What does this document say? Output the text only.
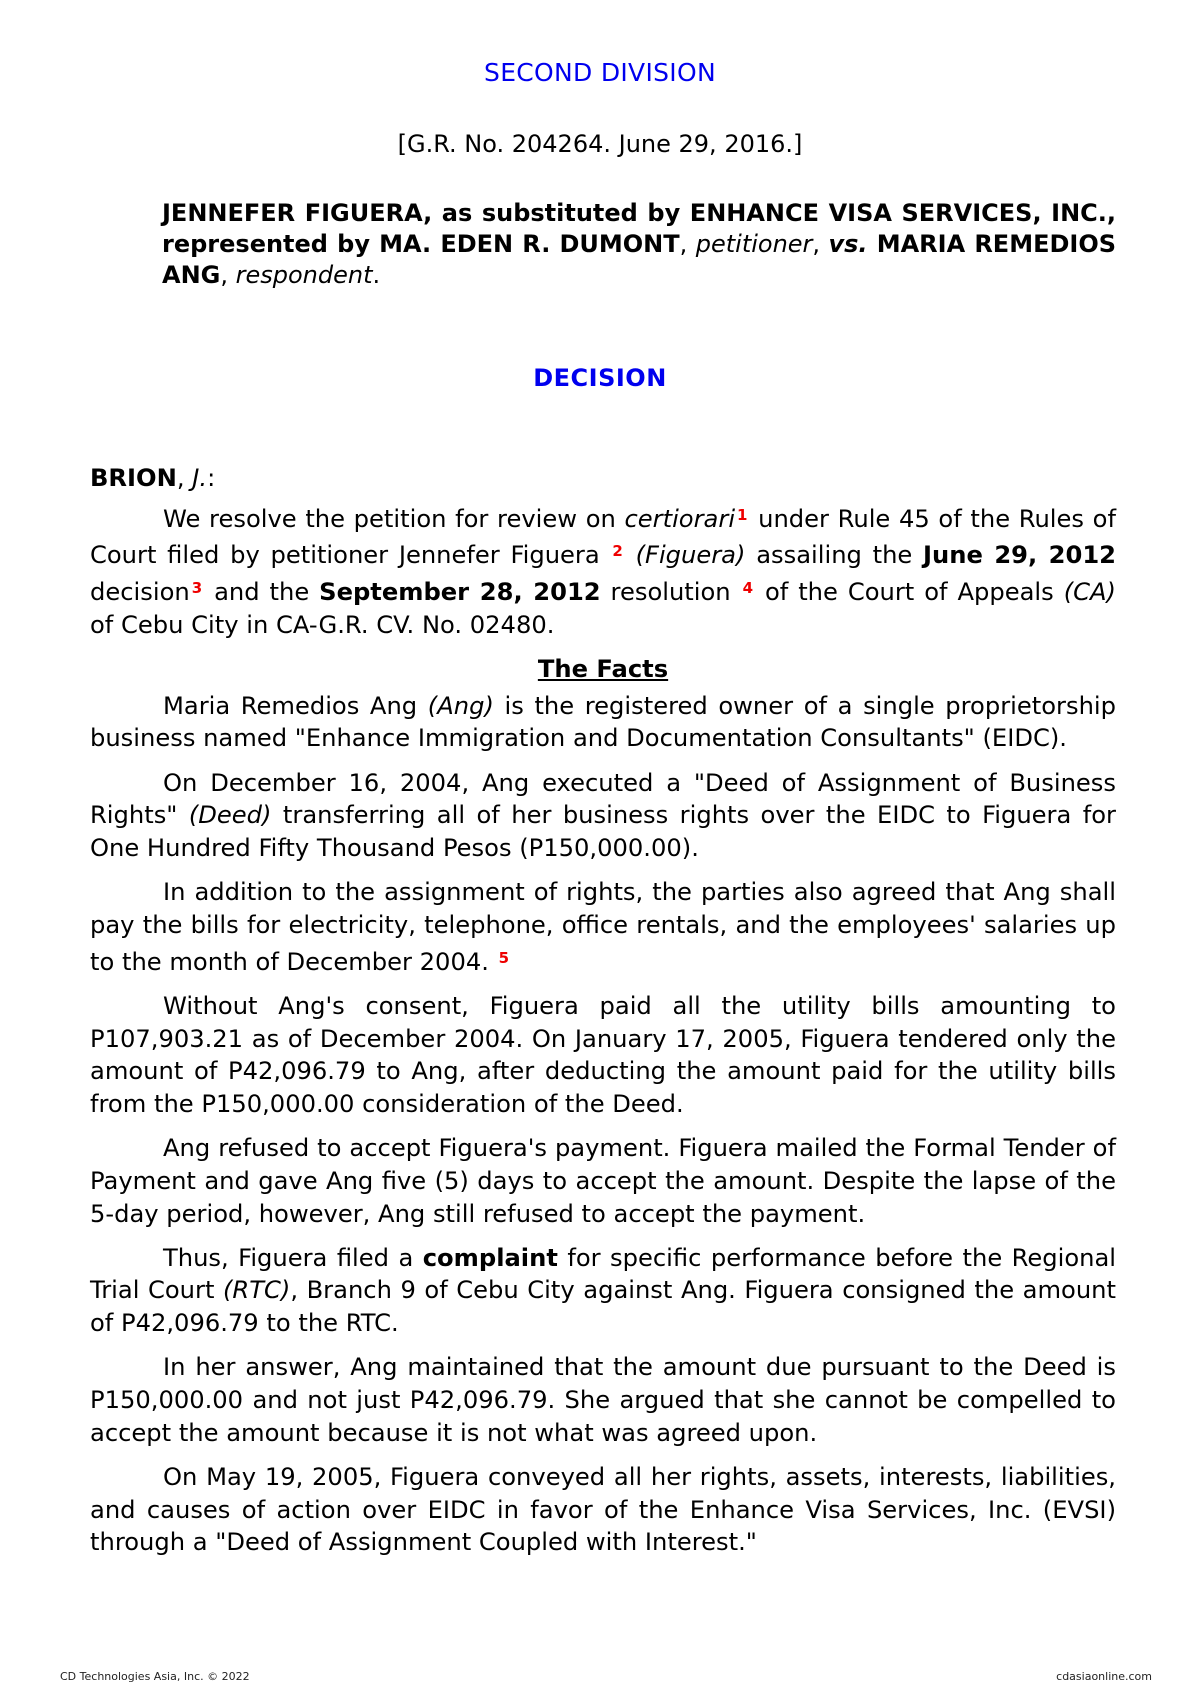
SECOND DIVISION
[G.R. No. 204264. June 29, 2016.]
JENNEFER FIGUERA, as substituted by ENHANCE VISA SERVICES, INC., represented by MA. EDEN R. DUMONT, petitioner, vs. MARIA REMEDIOS ANG, respondent.
DECISION

BRION, J.:

We resolve the petition for review on certiorari $^1$ under Rule 45 of the Rules of Court filed by petitioner Jennefer Figuera $^2$ (Figuera) assailing the June 29, 2012 decision $^3$ and the September 28, 2012 resolution $^4$ of the Court of Appeals (CA) of Cebu City in CA-G.R. CV. No. 02480.

The Facts

Maria Remedios Ang (Ang) is the registered owner of a single proprietorship business named "Enhance Immigration and Documentation Consultants" (EIDC).

On December 16, 2004, Ang executed a "Deed of Assignment of Business Rights" (Deed) transferring all of her business rights over the EIDC to Figuera for One Hundred Fifty Thousand Pesos (P150,000.00).

In addition to the assignment of rights, the parties also agreed that Ang shall pay the bills for electricity, telephone, office rentals, and the employees' salaries up to the month of December 2004. $^5$

Without Ang's consent, Figuera paid all the utility bills amounting to P107,903.21 as of December 2004. On January 17, 2005, Figuera tendered only the amount of P42,096.79 to Ang, after deducting the amount paid for the utility bills from the P150,000.00 consideration of the Deed.

Ang refused to accept Figuera's payment. Figuera mailed the Formal Tender of Payment and gave Ang five (5) days to accept the amount. Despite the lapse of the 5-day period, however, Ang still refused to accept the payment.

Thus, Figuera filed a complaint for specific performance before the Regional Trial Court (RTC), Branch 9 of Cebu City against Ang. Figuera consigned the amount of P42,096.79 to the RTC.

In her answer, Ang maintained that the amount due pursuant to the Deed is P150,000.00 and not just P42,096.79. She argued that she cannot be compelled to accept the amount because it is not what was agreed upon.

On May 19, 2005, Figuera conveyed all her rights, assets, interests, liabilities, and causes of action over EIDC in favor of the Enhance Visa Services, Inc. (EVSI) through a "Deed of Assignment Coupled with Interest."

CD Technologies Asia, Inc. © 2022	cdasiaonline.com
